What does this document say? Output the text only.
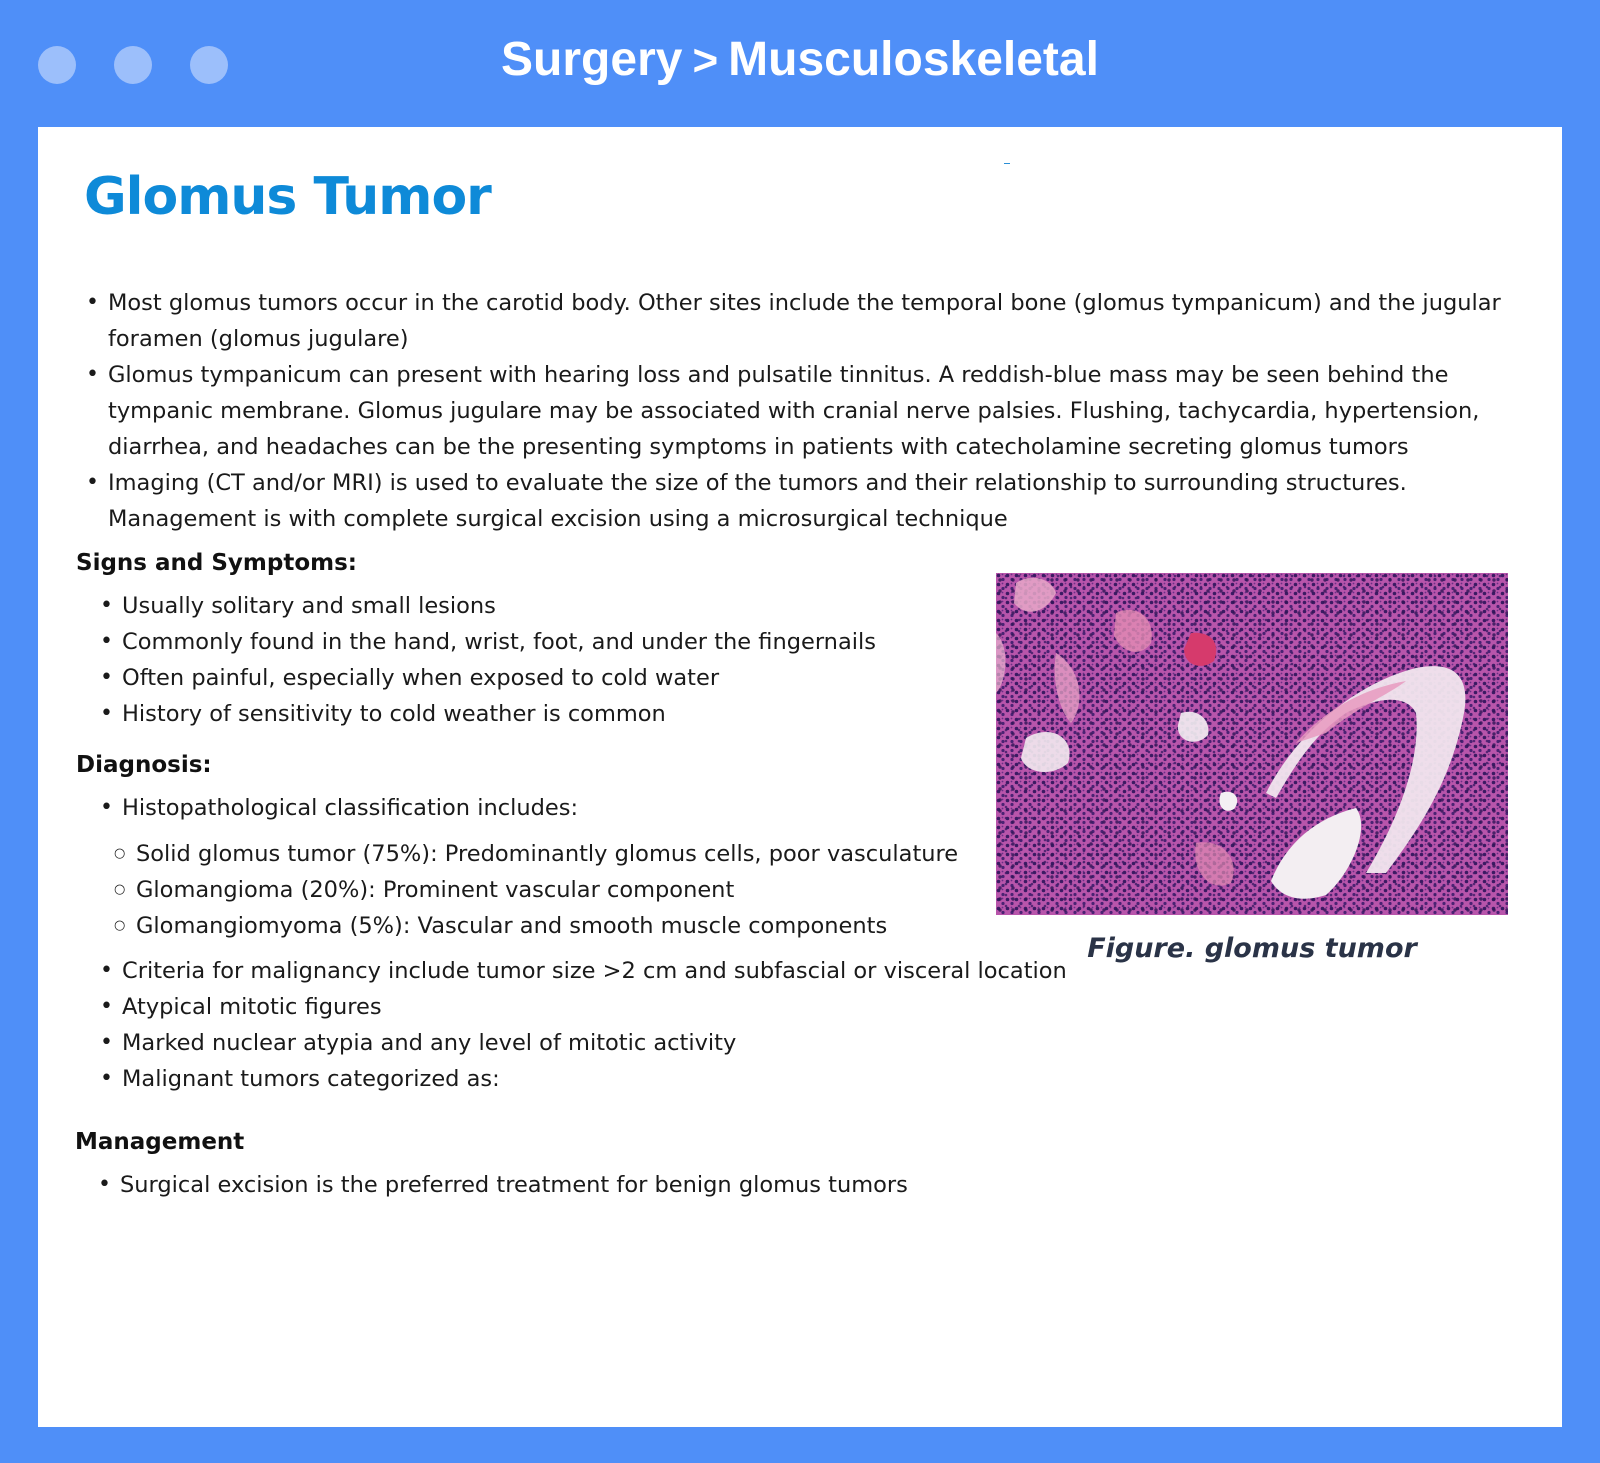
Surgery > Musculoskeletal
Glomus Tumor
• Most glomus tumors occur in the carotid body. Other sites include the temporal bone (glomus tympanicum) and the jugular foramen (glomus jugulare)
• Glomus tympanicum can present with hearing loss and pulsatile tinnitus. A reddish-blue mass may be seen behind the tympanic membrane. Glomus jugulare may be associated with cranial nerve palsies. Flushing, tachycardia, hypertension, diarrhea, and headaches can be the presenting symptoms in patients with catecholamine secreting glomus tumors
• Imaging (CT and/or MRI) is used to evaluate the size of the tumors and their relationship to surrounding structures. Management is with complete surgical excision using a microsurgical technique
Signs and Symptoms:
• Usually solitary and small lesions
• Commonly found in the hand, wrist, foot, and under the fingernails
• Often painful, especially when exposed to cold water
• History of sensitivity to cold weather is common
Diagnosis:
• Histopathological classification includes:
○ Solid glomus tumor (75%): Predominantly glomus cells, poor vasculature
○ Glomangioma (20%): Prominent vascular component
○ Glomangiomyoma (5%): Vascular and smooth muscle components
• Criteria for malignancy include tumor size >2 cm and subfascial or visceral location
• Atypical mitotic figures
• Marked nuclear atypia and any level of mitotic activity
• Malignant tumors categorized as:
Management
• Surgical excision is the preferred treatment for benign glomus tumors
Figure. glomus tumor
